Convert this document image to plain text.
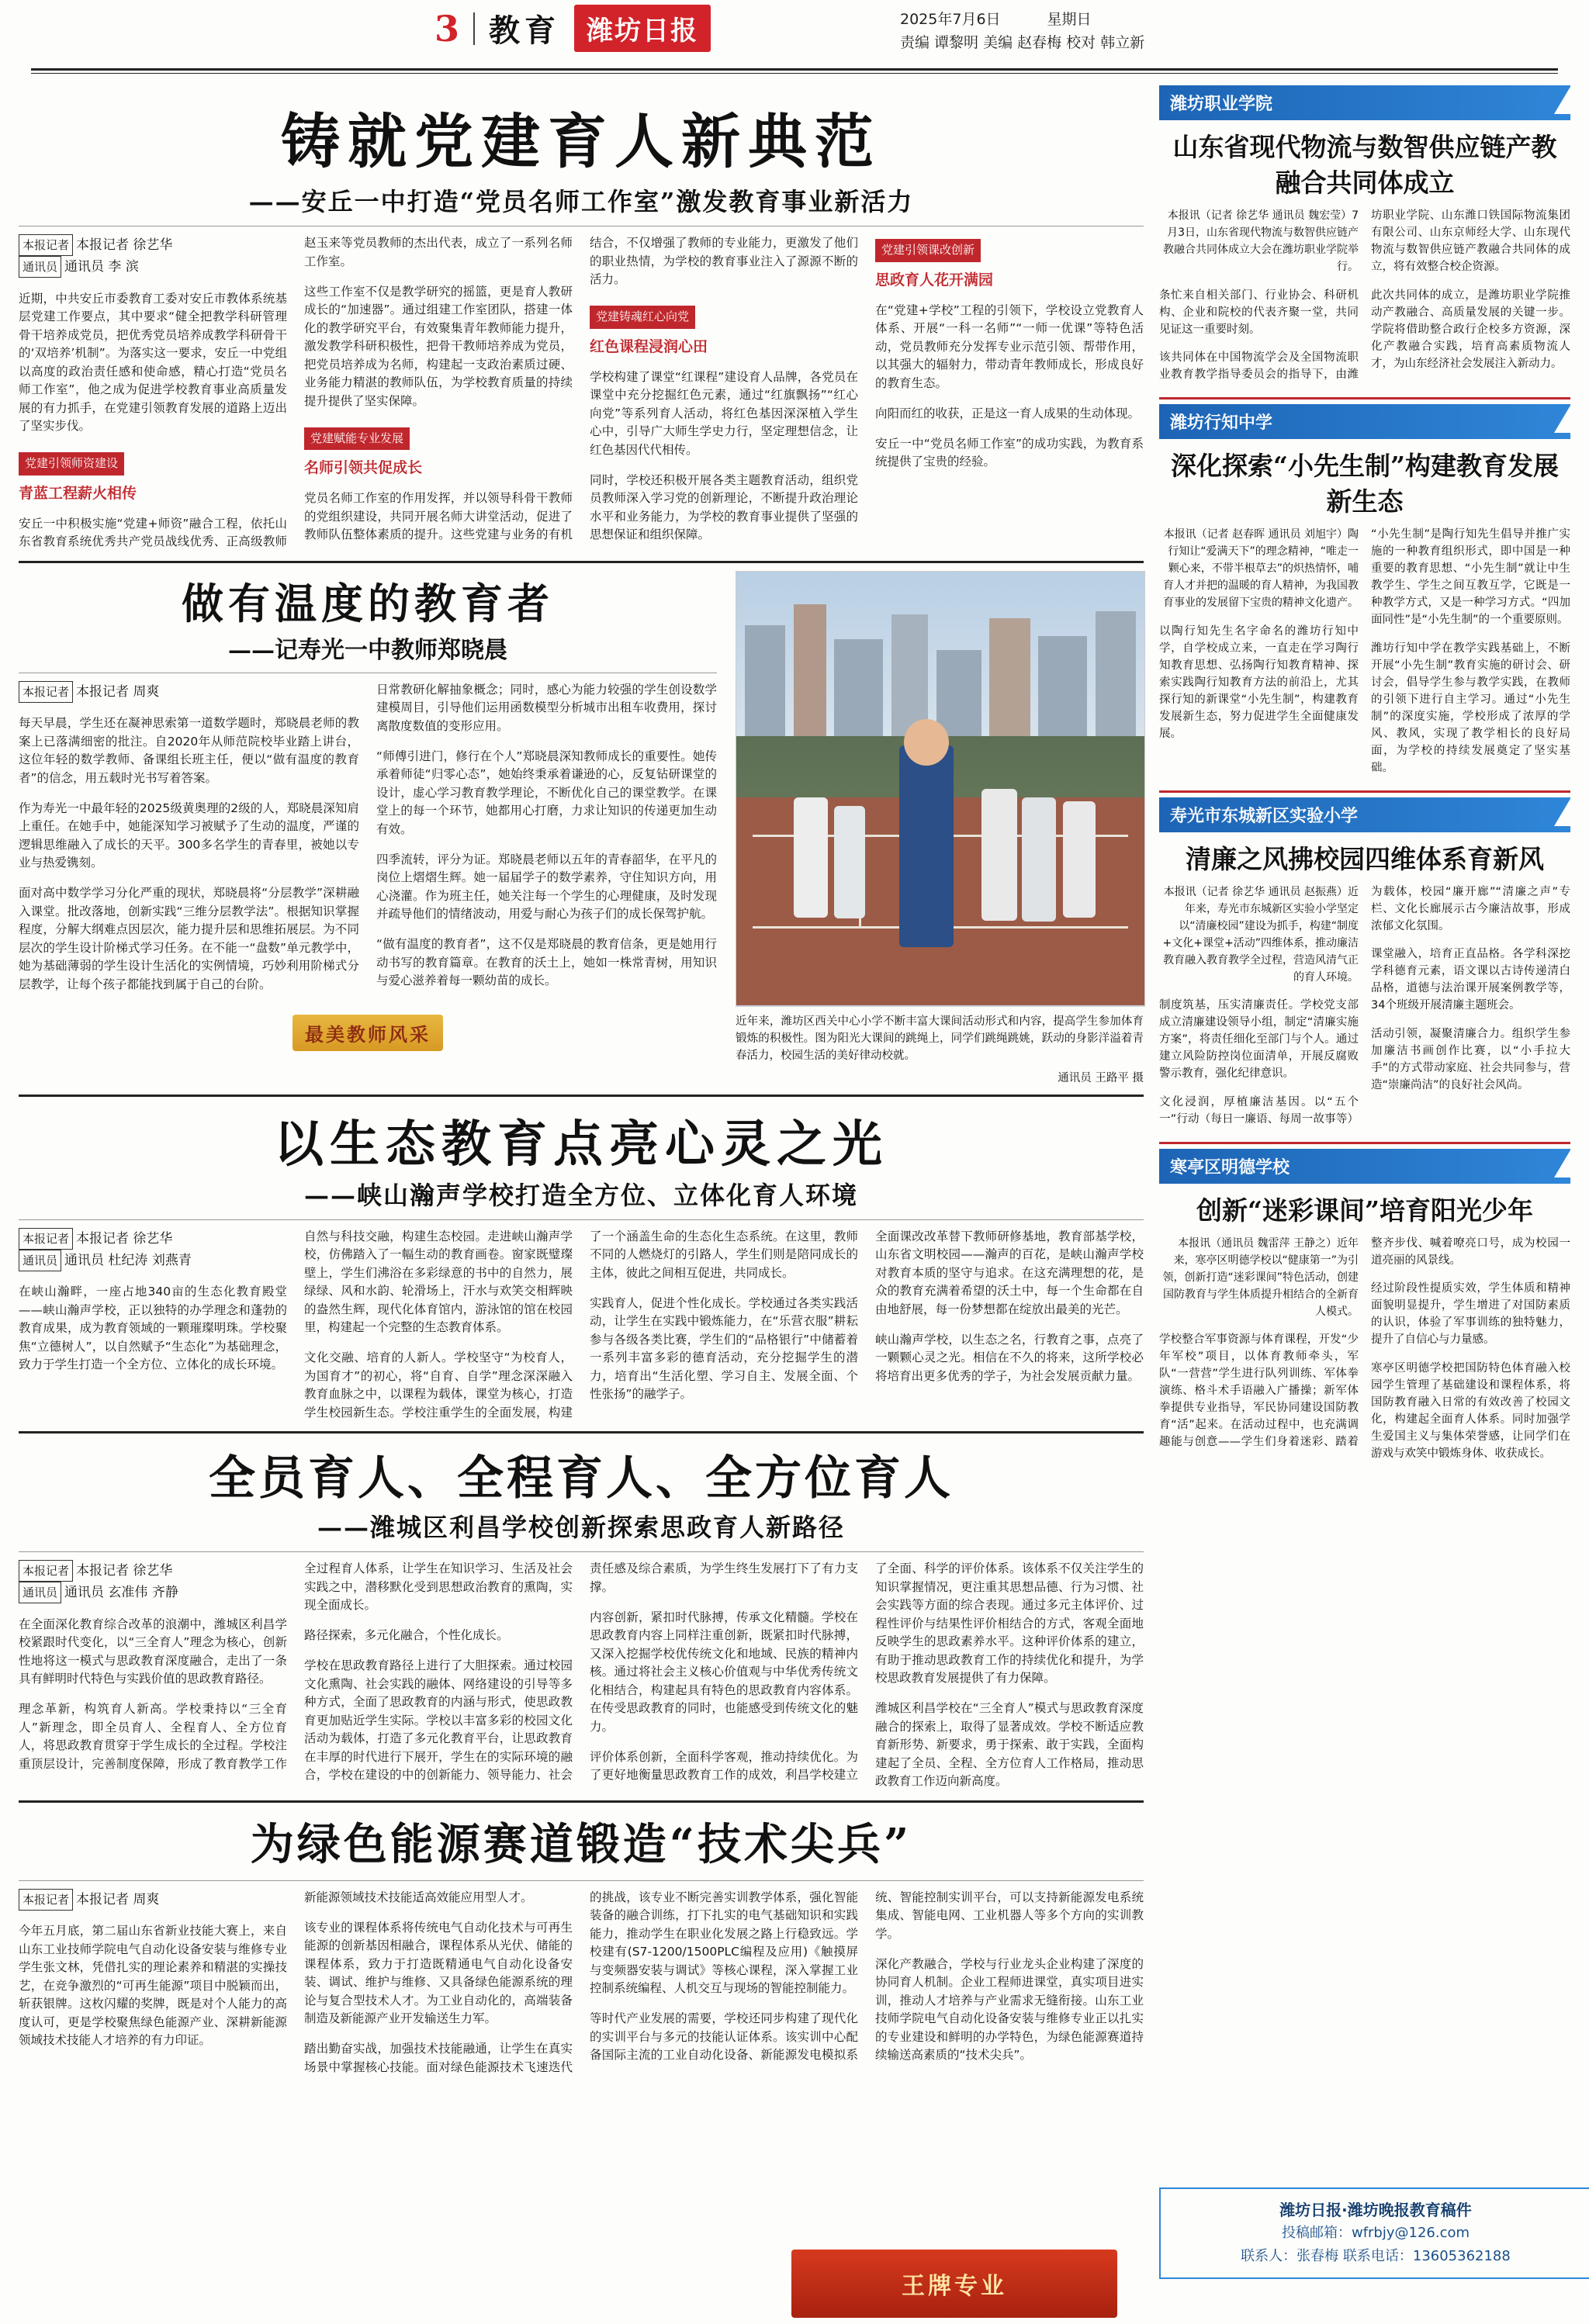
3 教育	潍坊日报	2025年7月6日	星期日
责编 谭黎明 美编 赵春梅 校对 韩立新
铸就党建育人新典范
——安丘一中打造“党员名师工作室”激发教育事业新活力
本报记者 本报记者 徐艺华
通讯员 通讯员 李 滨

近期，中共安丘市委教育工委对安丘市教体系统基层党建工作要点，其中要求“健全把教学科研管理骨干培养成党员，把优秀党员培养成教学科研骨干的‘双培养’机制”。为落实这一要求，安丘一中党组以高度的政治责任感和使命感，精心打造“党员名师工作室”，他之成为促进学校教育事业高质量发展的有力抓手，在党建引领教育发展的道路上迈出了坚实步伐。

党建引领师资建设
青蓝工程薪火相传

安丘一中积极实施“党建+师资”融合工程，依托山东省教育系统优秀共产党员战线优秀、正高级教师赵玉来等党员教师的杰出代表，成立了一系列名师工作室。

这些工作室不仅是教学研究的摇篮，更是育人教研成长的“加速器”。通过组建工作室团队，搭建一体化的教学研究平台，有效聚集青年教师能力提升，激发教学科研积极性，把骨干教师培养成为党员，把党员培养成为名师，构建起一支政治素质过硬、业务能力精湛的教师队伍，为学校教育质量的持续提升提供了坚实保障。

党建赋能专业发展
名师引领共促成长

党员名师工作室的作用发挥，并以领导科骨干教师的党组织建设，共同开展名师大讲堂活动，促进了教师队伍整体素质的提升。这些党建与业务的有机结合，不仅增强了教师的专业能力，更激发了他们的职业热情，为学校的教育事业注入了源源不断的活力。

党建铸魂红心向党
红色课程浸润心田

学校构建了课堂“红课程”建设育人品牌，各党员在课堂中充分挖掘红色元素，通过“红旗飘扬”“红心向党”等系列育人活动，将红色基因深深植入学生心中，引导广大师生学史力行，坚定理想信念，让红色基因代代相传。

同时，学校还积极开展各类主题教育活动，组织党员教师深入学习党的创新理论，不断提升政治理论水平和业务能力，为学校的教育事业提供了坚强的思想保证和组织保障。

党建引领课改创新
思政育人花开满园

在“党建+学校”工程的引领下，学校设立党教育人体系、开展“一科一名师”“一师一优课”等特色活动，党员教师充分发挥专业示范引领、帮带作用，以其强大的辐射力，带动青年教师成长，形成良好的教育生态。

向阳而红的收获，正是这一育人成果的生动体现。

安丘一中“党员名师工作室”的成功实践，为教育系统提供了宝贵的经验。

做有温度的教育者
——记寿光一中教师郑晓晨
本报记者 本报记者 周爽

每天早晨，学生还在凝神思索第一道数学题时，郑晓晨老师的教案上已落满细密的批注。自2020年从师范院校毕业踏上讲台，这位年轻的数学教师、备课组长班主任，便以“做有温度的教育者”的信念，用五载时光书写着答案。

作为寿光一中最年轻的2025级黄奥理的2级的人，郑晓晨深知肩上重任。在她手中，她能深知学习被赋予了生动的温度，严谨的逻辑思维融入了成长的天平。300多名学生的青春里，被她以专业与热爱镌刻。

面对高中数学学习分化严重的现状，郑晓晨将“分层教学”深耕融入课堂。批改落地，创新实践“三维分层教学法”。根据知识掌握程度，分解大纲难点因层次，能力提升层和思维拓展层。为不同层次的学生设计阶梯式学习任务。在不能一“盘数”单元教学中，她为基础薄弱的学生设计生活化的实例情境，巧妙利用阶梯式分层教学，让每个孩子都能找到属于自己的台阶。

日常教研化解抽象概念；同时，感心为能力较强的学生创设数学建模周目，引导他们运用函数模型分析城市出租车收费用，探讨离散度数值的变形应用。

“师傅引进门，修行在个人”郑晓晨深知教师成长的重要性。她传承着师徒“归零心态”，她始终秉承着谦逊的心，反复钻研课堂的设计，虚心学习教育教学理论，不断优化自己的课堂教学。在课堂上的每一个环节，她都用心打磨，力求让知识的传递更加生动有效。

四季流转，评分为证。郑晓晨老师以五年的青春韶华，在平凡的岗位上熠熠生辉。她一届届学子的数学素养，守住知识方向，用心浇灌。作为班主任，她关注每一个学生的心理健康，及时发现并疏导他们的情绪波动，用爱与耐心为孩子们的成长保驾护航。

“做有温度的教育者”，这不仅是郑晓晨的教育信条，更是她用行动书写的教育篇章。在教育的沃土上，她如一株常青树，用知识与爱心滋养着每一颗幼苗的成长。

最美教师风采
近年来，潍坊区西关中心小学不断丰富大课间活动形式和内容，提高学生参加体育锻炼的积极性。图为阳光大课间的跳绳上，同学们跳绳跳姚，跃动的身影洋溢着青春活力，校园生活的美好律动校就。
通讯员 王路平 摄
以生态教育点亮心灵之光
——峡山瀚声学校打造全方位、立体化育人环境
本报记者 本报记者 徐艺华
通讯员 通讯员 杜纪涛 刘燕青

在峡山瀚畔，一座占地340亩的生态化教育殿堂——峡山瀚声学校，正以独特的办学理念和蓬勃的教育成果，成为教育领域的一颗璀璨明珠。学校聚焦“立德树人”，以自然赋予“生态化”为基础理念，致力于学生打造一个全方位、立体化的成长环境。

自然与科技交融，构建生态校园。走进峡山瀚声学校，仿佛踏入了一幅生动的教育画卷。窗家既璧璨壁上，学生们沸浴在多彩绿意的书中的自然力，展绿绿、风和水韵、轮滑场上，汗水与欢笑交相辉映的盎然生辉，现代化体育馆内，游泳馆的馆在校园里，构建起一个完整的生态教育体系。

文化交融、培育的人新人。学校坚守“为校育人，为国育才”的初心，将“自育、自学”理念深深融入教育血脉之中，以课程为载体，课堂为核心，打造学生校园新生态。学校注重学生的全面发展，构建了一个涵盖生命的生态化生态系统。在这里，教师不同的人燃烧灯的引路人，学生们则是陪同成长的主体，彼此之间相互促进，共同成长。

实践育人，促进个性化成长。学校通过各类实践活动，让学生在实践中锻炼能力，在“乐营衣服”耕耘参与各级各类比赛，学生们的“品格银行”中储蓄着一系列丰富多彩的德育活动，充分挖掘学生的潜力，培育出“生活化塑、学习自主、发展全面、个性张扬”的融学子。

全面课改改革替下教师研修基地，教育部基学校，山东省文明校园——瀚声的百花，是峡山瀚声学校对教育本质的坚守与追求。在这充满理想的花，是众的教育充满着希望的沃土中，每一个生命都在自由地舒展，每一份梦想都在绽放出最美的光芒。

峡山瀚声学校，以生态之名，行教育之事，点亮了一颗颗心灵之光。相信在不久的将来，这所学校必将培育出更多优秀的学子，为社会发展贡献力量。

全员育人、全程育人、全方位育人
——潍城区利昌学校创新探索思政育人新路径
本报记者 本报记者 徐艺华
通讯员 通讯员 玄准伟 齐静

在全面深化教育综合改革的浪潮中，潍城区利昌学校紧跟时代变化，以“三全育人”理念为核心，创新性地将这一模式与思政教育深度融合，走出了一条具有鲜明时代特色与实践价值的思政教育路径。

理念革新，构筑育人新高。学校秉持以“三全育人”新理念，即全员育人、全程育人、全方位育人，将思政教育贯穿于学生成长的全过程。学校注重顶层设计，完善制度保障，形成了教育教学工作全过程育人体系，让学生在知识学习、生活及社会实践之中，潜移默化受到思想政治教育的熏陶，实现全面成长。

路径探索，多元化融合，个性化成长。

学校在思政教育路径上进行了大胆探索。通过校园文化熏陶、社会实践的融体、网络建设的引导等多种方式，全面了思政教育的内涵与形式，使思政教育更加贴近学生实际。学校以丰富多彩的校园文化活动为载体，打造了多元化教育平台，让思政教育在丰厚的时代进行下展开，学生在的实际环境的融合，学校在建设的中的创新能力、领导能力、社会责任感及综合素质，为学生终生发展打下了有力支撑。

内容创新，紧扣时代脉搏，传承文化精髓。学校在思政教育内容上同样注重创新，既紧扣时代脉搏，又深入挖掘学校优传统文化和地域、民族的精神内核。通过将社会主义核心价值观与中华优秀传统文化相结合，构建起具有特色的思政教育内容体系。在传受思政教育的同时，也能感受到传统文化的魅力。

评价体系创新，全面科学客观，推动持续优化。为了更好地衡量思政教育工作的成效，利昌学校建立了全面、科学的评价体系。该体系不仅关注学生的知识掌握情况，更注重其思想品德、行为习惯、社会实践等方面的综合表现。通过多元主体评价、过程性评价与结果性评价相结合的方式，客观全面地反映学生的思政素养水平。这种评价体系的建立，有助于推动思政教育工作的持续优化和提升，为学校思政教育发展提供了有力保障。

潍城区利昌学校在“三全育人”模式与思政教育深度融合的探索上，取得了显著成效。学校不断适应教育新形势、新要求，勇于探索、敢于实践，全面构建起了全员、全程、全方位育人工作格局，推动思政教育工作迈向新高度。

为绿色能源赛道锻造“技术尖兵”
本报记者 本报记者 周爽

今年五月底，第二届山东省新业技能大赛上，来自山东工业技师学院电气自动化设备安装与维修专业学生张文林，凭借扎实的理论素养和精湛的实操技艺，在竞争激烈的“可再生能源”项目中脱颖而出，斩获银牌。这枚闪耀的奖牌，既是对个人能力的高度认可，更是学校聚焦绿色能源产业、深耕新能源领域技术技能人才培养的有力印证。

新能源领域技术技能适高效能应用型人才。

该专业的课程体系将传统电气自动化技术与可再生能源的创新基因相融合，课程体系从光伏、储能的课程体系，致力于打造既精通电气自动化设备安装、调试、维护与维修、又具备绿色能源系统的理论与复合型技术人才。为工业自动化的，高端装备制造及新能源产业开发输送生力军。

踏出勤奋实战，加强技术技能融通，让学生在真实场景中掌握核心技能。面对绿色能源技术飞速迭代的挑战，该专业不断完善实训教学体系，强化智能装备的融合训练，打下扎实的电气基础知识和实践能力，推动学生在职业化发展之路上行稳致远。学校建有(S7-1200/1500PLC编程及应用)《触摸屏与变频器安装与调试》等核心课程，深入掌握工业控制系统编程、人机交互与现场的智能控制能力。

等时代产业发展的需要，学校还同步构建了现代化的实训平台与多元的技能认证体系。该实训中心配备国际主流的工业自动化设备、新能源发电模拟系统、智能控制实训平台，可以支持新能源发电系统集成、智能电网、工业机器人等多个方向的实训教学。

深化产教融合，学校与行业龙头企业构建了深度的协同育人机制。企业工程师进课堂，真实项目进实训，推动人才培养与产业需求无缝衔接。山东工业技师学院电气自动化设备安装与维修专业正以扎实的专业建设和鲜明的办学特色，为绿色能源赛道持续输送高素质的“技术尖兵”。

潍坊职业学院
山东省现代物流与数智供应链产教融合共同体成立
本报讯（记者 徐艺华 通讯员 魏宏莹）7月3日，山东省现代物流与数智供应链产教融合共同体成立大会在潍坊职业学院举行。

条忙来自相关部门、行业协会、科研机构、企业和院校的代表齐聚一堂，共同见证这一重要时刻。

该共同体在中国物流学会及全国物流职业教育教学指导委员会的指导下，由潍坊职业学院、山东潍口铁国际物流集团有限公司、山东京师经大学、山东现代物流与数智供应链产教融合共同体的成立，将有效整合校企资源。

此次共同体的成立，是潍坊职业学院推动产教融合、高质量发展的关键一步。学院将借助整合政行企校多方资源，深化产教融合实践，培育高素质物流人才，为山东经济社会发展注入新动力。

潍坊行知中学
深化探索“小先生制”构建教育发展新生态
本报讯（记者 赵春晖 通讯员 刘旭宇）陶行知让“爱满天下”的理念精神，“唯走一颗心来，不带半根草去”的炽热情怀，哺育人才并把的温暖的育人精神，为我国教育事业的发展留下宝贵的精神文化遗产。

以陶行知先生名字命名的潍坊行知中学，自学校成立来，一直走在学习陶行知教育思想、弘扬陶行知教育精神、探索实践陶行知教育方法的前沿上，尤其探行知的新课堂“小先生制”，构建教育发展新生态，努力促进学生全面健康发展。

“小先生制”是陶行知先生倡导并推广实施的一种教育组织形式，即中国是一种重要的教育思想、“小先生制”就让中生教学生、学生之间互教互学，它既是一种教学方式，又是一种学习方式。“四加面同性”是“小先生制”的一个重要原则。

潍坊行知中学在教学实践基础上，不断开展“小先生制”教育实施的研讨会、研讨会，倡导学生参与教学实践，在教师的引领下进行自主学习。通过“小先生制”的深度实施，学校形成了浓厚的学风、教风，实现了教学相长的良好局面，为学校的持续发展奠定了坚实基础。

寿光市东城新区实验小学
清廉之风拂校园四维体系育新风
本报讯（记者 徐艺华 通讯员 赵振燕）近年来，寿光市东城新区实验小学坚定以“清廉校园”建设为抓手，构建“制度+文化+课堂+活动”四维体系，推动廉洁教育融入教育教学全过程，营造风清气正的育人环境。

制度筑基，压实清廉责任。学校党支部成立清廉建设领导小组，制定“清廉实施方案”，将责任细化至部门与个人。通过建立风险防控岗位面清单，开展反腐败警示教育，强化纪律意识。

文化浸润，厚植廉洁基因。以“五个一”行动（每日一廉语、每周一故事等）为载体，校园“廉开廊”“清廉之声”专栏、文化长廊展示古今廉洁故事，形成浓郁文化氛围。

课堂融入，培育正直品格。各学科深挖学科德育元素，语文课以古诗传递清白品格，道德与法治课开展案例教学等，34个班级开展清廉主题班会。

活动引领，凝聚清廉合力。组织学生参加廉洁书画创作比赛，以“小手拉大手”的方式带动家庭、社会共同参与，营造“崇廉尚洁”的良好社会风尚。

寒亭区明德学校
创新“迷彩课间”培育阳光少年
本报讯（通讯员 魏雷萍 王静之）近年来，寒亭区明德学校以“健康第一”为引领，创新打造“迷彩课间”特色活动，创建国防教育与学生体质提升相结合的全新育人模式。

学校整合军事资源与体育课程，开发“少年军校”项目，以体育教师牵头，军队“一营营”学生进行队列训练、军体拳演练、格斗术手语融入广播操；新军体拳提供专业指导，军民协同建设国防教育“活”起来。在活动过程中，也充满调趣能与创意——学生们身着迷彩、踏着整齐步伐、喊着嘹亮口号，成为校园一道亮丽的风景线。

经过阶段性提质实效，学生体质和精神面貌明显提升，学生增进了对国防素质的认识，体验了军事训练的独特魅力，提升了自信心与力量感。

寒亭区明德学校把国防特色体育融入校园学生管理了基础建设和课程体系，将国防教育融入日常的有效改善了校园文化，构建起全面育人体系。同时加强学生爱国主义与集体荣誉感，让同学们在游戏与欢笑中锻炼身体、收获成长。

潍坊日报·潍坊晚报教育稿件
投稿邮箱：wfrbjy@126.com
联系人：张春梅 联系电话：13605362188
王牌专业
